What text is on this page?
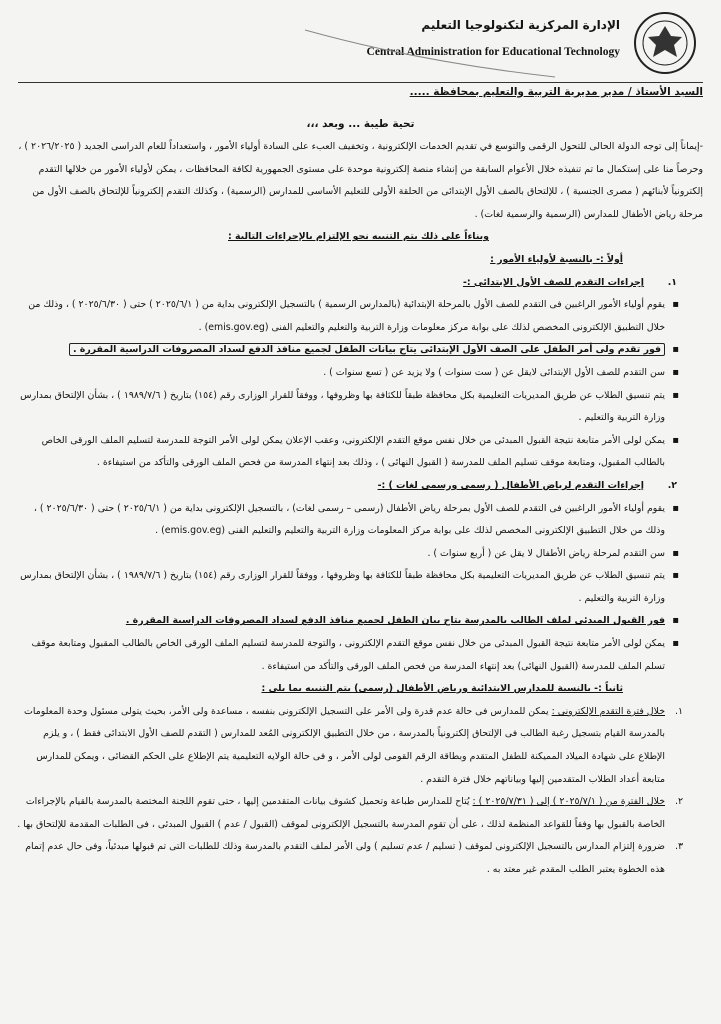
الإدارة المركزية لتكنولوجيا التعليم
Central Administration for Educational Technology
السيد الأستاذ / مدير مديرية التربية والتعليم بمحافظة .....
تحية طيبة ... وبعد ،،،

-إيماناً إلى توجه الدولة الحالى للتحول الرقمى والتوسع في تقديم الخدمات الإلكترونية ، وتخفيف العبء على السادة أولياء الأمور ، واستعداداً للعام الدراسى الجديد ( ٢٠٢٦/٢٠٢٥ ) ، وحرصاً منا على إستكمال ما تم تنفيذه خلال الأعوام السابقة من إنشاء منصة إلكترونية موحدة على مستوى الجمهورية لكافة المحافظات ، يمكن لأولياء الأمور من خلالها التقدم إلكترونياً لأبنائهم ( مصرى الجنسية ) ، للإلتحاق بالصف الأول الإبتدائى من الحلقة الأولى للتعليم الأساسى للمدارس (الرسمية) ، وكذلك التقدم إلكترونياً للإلتحاق بالصف الأول من مرحلة رياض الأطفال للمدارس (الرسمية والرسمية لغات) .

وبناءاً على ذلك يتم التنبيه نحو الإلتزام بالإجراءات التالية :

أولاً :- بالنسبة لأولياء الأمور :

١. إجراءات التقدم للصف الأول الإبتدائى :-

▪ يقوم أولياء الأمور الراغبين فى التقدم للصف الأول بالمرحلة الإبتدائية (بالمدارس الرسمية ) بالتسجيل الإلكترونى بداية من ( ٢٠٢٥/٦/١ ) حتى ( ٢٠٢٥/٦/٣٠ ) ، وذلك من خلال التطبيق الإلكترونى المخصص لذلك على بوابة مركز معلومات وزارة التربية والتعليم والتعليم الفنى (emis.gov.eg) .

▪ فور تقدم ولى أمر الطفل على الصف الأول الإبتدائى يتاح بيانات الطفل لجميع منافذ الدفع لسداد المصروفات الدراسية المقررة .

▪ سن التقدم للصف الأول الإبتدائى لايقل عن ( ست سنوات ) ولا يزيد عن ( تسع سنوات ) .

▪ يتم تنسيق الطلاب عن طريق المديريات التعليمية بكل محافظة طبقاً للكثافة بها وظروفها ، ووفقاً للقرار الوزارى رقم (١٥٤) بتاريخ ( ١٩٨٩/٧/٦ ) ، بشأن الإلتحاق بمدارس وزارة التربية والتعليم .

▪ يمكن لولى الأمر متابعة نتيجة القبول المبدئى من خلال نفس موقع التقدم الإلكترونى، وعقب الإعلان يمكن لولى الأمر التوجة للمدرسة لتسليم الملف الورقى الخاص بالطالب المقبول، ومتابعة موقف تسليم الملف للمدرسة ( القبول النهائى ) ، وذلك بعد إنتهاء المدرسة من فحص الملف الورقى والتأكد من استيفاءة .

٢. إجراءات التقدم لرياض الأطفال ( رسمى ورسمى لغات ) :-

▪ يقوم أولياء الأمور الراغبين فى التقدم للصف الأول بمرحلة رياض الأطفال (رسمى – رسمى لغات) ، بالتسجيل الإلكترونى بداية من ( ٢٠٢٥/٦/١ ) حتى ( ٢٠٢٥/٦/٣٠ ) ، وذلك من خلال التطبيق الإلكترونى المخصص لذلك على بوابة مركز المعلومات وزارة التربية والتعليم والتعليم الفنى (emis.gov.eg) .

▪ سن التقدم لمرحلة رياض الأطفال لا يقل عن ( أربع سنوات ) .

▪ يتم تنسيق الطلاب عن طريق المديريات التعليمية بكل محافظة طبقاً للكثافة بها وظروفها ، ووفقاً للقرار الوزارى رقم (١٥٤) بتاريخ ( ١٩٨٩/٧/٦ ) ، بشأن الإلتحاق بمدارس وزارة التربية والتعليم .

▪ فور القبول المبدئى لملف الطالب بالمدرسة يتاح بيان الطفل لجميع منافذ الدفع لسداد المصروفات الدراسية المقررة .

▪ يمكن لولى الأمر متابعة نتيجة القبول المبدئى من خلال نفس موقع التقدم الإلكترونى ، والتوجة للمدرسة لتسليم الملف الورقى الخاص بالطالب المقبول ومتابعة موقف تسلم الملف للمدرسة (القبول النهائى) بعد إنتهاء المدرسة من فحص الملف الورقى والتأكد من استيفاءة .

ثانياً :- بالنسبة للمدارس الابتدائية ورياض الأطفال (رسمى) يتم التنبيه بما يلى :

١.
خلال فترة التقدم الإلكترونى : يمكن للمدارس فى حالة عدم قدرة ولى الأمر على التسجيل الإلكترونى بنفسه ، مساعدة ولى الأمر، بحيث يتولى مسئول وحدة المعلومات بالمدرسة القيام بتسجيل رغبة الطالب فى الإلتحاق إلكترونياً بالمدرسة ، من خلال التطبيق الإلكترونى المُعد للمدارس ( التقدم للصف الأول الابتدائى فقط ) ، و يلزم الإطلاع على شهادة الميلاد المميكنة للطفل المتقدم وبطاقة الرقم القومى لولى الأمر ، و فى حالة الولايه التعليمية يتم الإطلاع على الحكم القضائى ، ويمكن للمدارس متابعة أعداد الطلاب المتقدمين إليها وبياناتهم خلال فترة التقدم .

٢.
خلال الفترة من ( ٢٠٢٥/٧/١ ) إلى ( ٢٠٢٥/٧/٣١ ) : يُتاح للمدارس طباعة وتحميل كشوف بيانات المتقدمين إليها ، حتى تقوم اللجنة المختصة بالمدرسة بالقيام بالإجراءات الخاصة بالقبول بها وفقاً للقواعد المنظمة لذلك ، على أن تقوم المدرسة بالتسجيل الإلكترونى لموقف (القبول / عدم ) القبول المبدئى ، فى الطلبات المقدمة للإلتحاق بها .

٣.
ضرورة إلتزام المدارس بالتسجيل الإلكترونى لموقف ( تسليم / عدم تسليم ) ولى الأمر لملف التقدم بالمدرسة وذلك للطلبات التى تم قبولها مبدئياً، وفى حال عدم إتمام هذه الخطوة يعتبر الطلب المقدم غير معتد به .
